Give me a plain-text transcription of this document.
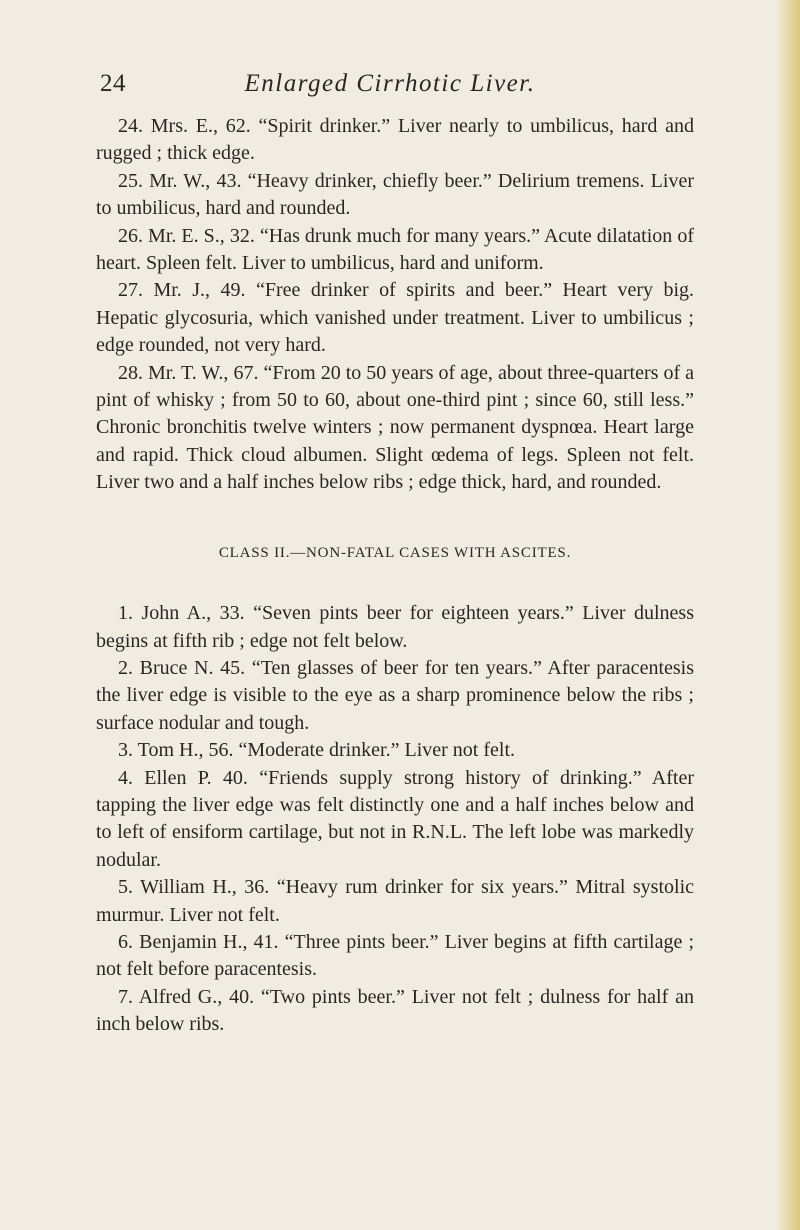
24	Enlarged Cirrhotic Liver.

24. Mrs. E., 62. “Spirit drinker.” Liver nearly to umbilicus, hard and rugged ; thick edge.

25. Mr. W., 43. “Heavy drinker, chiefly beer.” Delirium tremens. Liver to umbilicus, hard and rounded.

26. Mr. E. S., 32. “Has drunk much for many years.” Acute dilatation of heart. Spleen felt. Liver to umbilicus, hard and uniform.

27. Mr. J., 49. “Free drinker of spirits and beer.” Heart very big. Hepatic glycosuria, which vanished under treatment. Liver to umbilicus ; edge rounded, not very hard.

28. Mr. T. W., 67. “From 20 to 50 years of age, about three-quarters of a pint of whisky ; from 50 to 60, about one-third pint ; since 60, still less.” Chronic bronchitis twelve winters ; now permanent dyspnœa. Heart large and rapid. Thick cloud albumen. Slight œdema of legs. Spleen not felt. Liver two and a half inches below ribs ; edge thick, hard, and rounded.

CLASS II.—NON-FATAL CASES WITH ASCITES.

1. John A., 33. “Seven pints beer for eighteen years.” Liver dulness begins at fifth rib ; edge not felt below.

2. Bruce N. 45. “Ten glasses of beer for ten years.” After paracentesis the liver edge is visible to the eye as a sharp prominence below the ribs ; surface nodular and tough.

3. Tom H., 56. “Moderate drinker.” Liver not felt.

4. Ellen P. 40. “Friends supply strong history of drinking.” After tapping the liver edge was felt distinctly one and a half inches below and to left of ensiform cartilage, but not in R.N.L. The left lobe was markedly nodular.

5. William H., 36. “Heavy rum drinker for six years.” Mitral systolic murmur. Liver not felt.

6. Benjamin H., 41. “Three pints beer.” Liver begins at fifth cartilage ; not felt before paracentesis.

7. Alfred G., 40. “Two pints beer.” Liver not felt ; dulness for half an inch below ribs.
